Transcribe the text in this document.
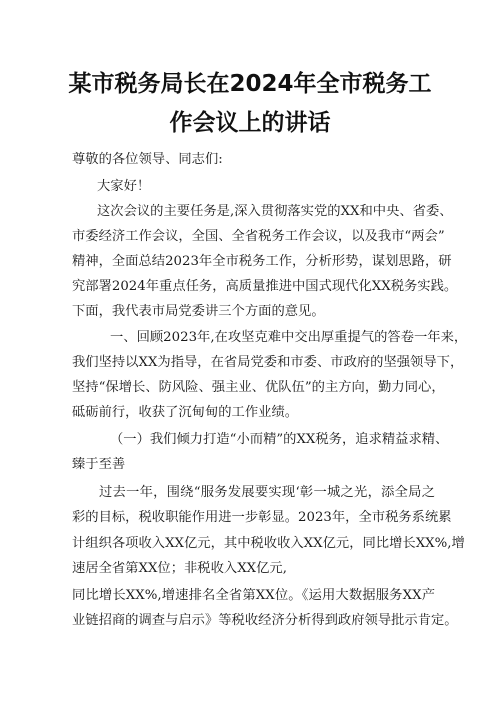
某市税务局长在2024年全市税务工
作会议上的讲话
尊敬的各位领导、同志们:
大家好！
这次会议的主要任务是,深入贯彻落实党的XX和中央、省委、
市委经济工作会议，全国、全省税务工作会议，以及我市“两会”
精神，全面总结2023年全市税务工作，分析形势，谋划思路，研
究部署2024年重点任务，高质量推进中国式现代化XX税务实践。
下面，我代表市局党委讲三个方面的意见。
一、回顾2023年,在攻坚克难中交出厚重提气的答卷一年来，
我们坚持以XX为指导，在省局党委和市委、市政府的坚强领导下，
坚持“保增长、防风险、强主业、优队伍”的主方向，勤力同心，
砥砺前行，收获了沉甸甸的工作业绩。
（一）我们倾力打造“小而精”的XX税务，追求精益求精、
臻于至善
过去一年，围绕“服务发展要实现‘彰一城之光，添全局之
彩的目标，税收职能作用进一步彰显。2023年，全市税务系统累
计组织各项收入XX亿元，其中税收收入XX亿元，同比增长XX%,增
速居全省第XX位；非税收入XX亿元,
同比增长XX%,增速排名全省第XX位。《运用大数据服务XX产
业链招商的调查与启示》等税收经济分析得到政府领导批示肯定。
